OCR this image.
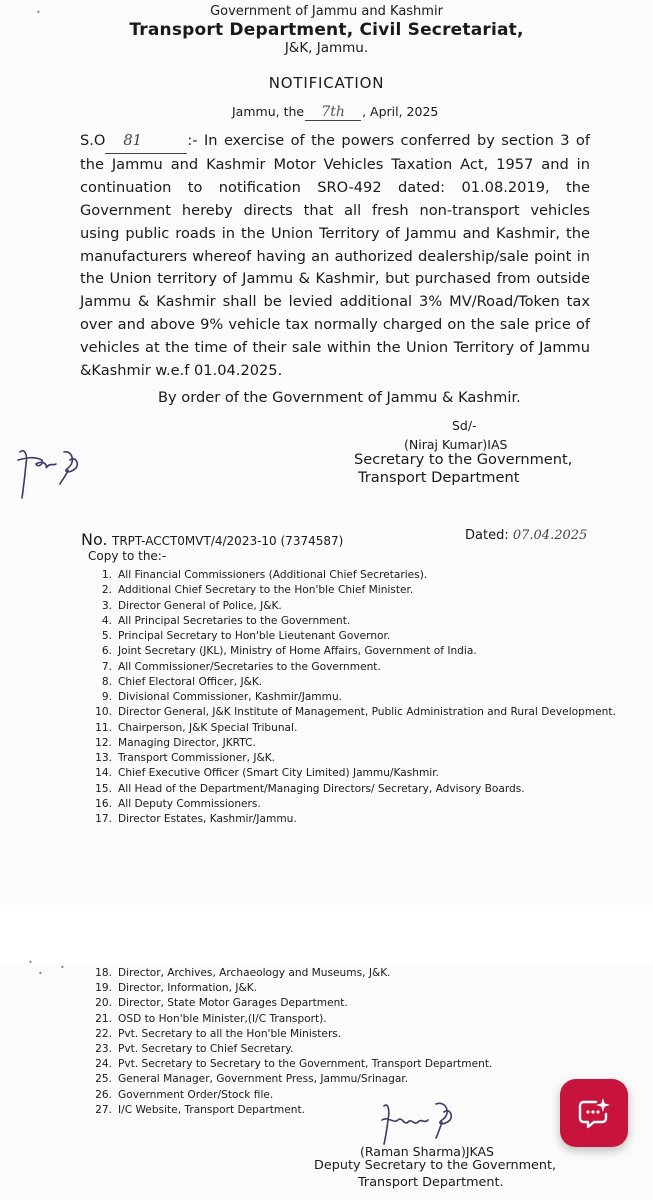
•	Government of Jammu and Kashmir
Transport Department, Civil Secretariat,
J&K, Jammu.
NOTIFICATION
Jammu, the 7th , April, 2025
S.O 81	:- In exercise of the powers conferred by section 3 of the Jammu and Kashmir Motor Vehicles Taxation Act, 1957 and in continuation to notification SRO-492 dated: 01.08.2019, the Government hereby directs that all fresh non-transport vehicles using public roads in the Union Territory of Jammu and Kashmir, the manufacturers whereof having an authorized dealership/sale point in the Union territory of Jammu & Kashmir, but purchased from outside Jammu & Kashmir shall be levied additional 3% MV/Road/Token tax over and above 9% vehicle tax normally charged on the sale price of vehicles at the time of their sale within the Union Territory of Jammu &Kashmir w.e.f 01.04.2025.
By order of the Government of Jammu & Kashmir.
Sd/-
(Niraj Kumar)IAS
Secretary to the Government,
Transport Department
No. TRPT-ACCT0MVT/4/2023-10 (7374587)	Dated: 07.04.2025
Copy to the:-
1. All Financial Commissioners (Additional Chief Secretaries).
2. Additional Chief Secretary to the Hon'ble Chief Minister.
3. Director General of Police, J&K.
4. All Principal Secretaries to the Government.
5. Principal Secretary to Hon'ble Lieutenant Governor.
6. Joint Secretary (JKL), Ministry of Home Affairs, Government of India.
7. All Commissioner/Secretaries to the Government.
8. Chief Electoral Officer, J&K.
9. Divisional Commissioner, Kashmir/Jammu.
10. Director General, J&K Institute of Management, Public Administration and Rural Development.
11. Chairperson, J&K Special Tribunal.
12. Managing Director, JKRTC.
13. Transport Commissioner, J&K.
14. Chief Executive Officer (Smart City Limited) Jammu/Kashmir.
15. All Head of the Department/Managing Directors/ Secretary, Advisory Boards.
16. All Deputy Commissioners.
17. Director Estates, Kashmir/Jammu.
•
•
•	18. Director, Archives, Archaeology and Museums, J&K.
19. Director, Information, J&K.
20. Director, State Motor Garages Department.
21. OSD to Hon'ble Minister,(I/C Transport).
22. Pvt. Secretary to all the Hon'ble Ministers.
23. Pvt. Secretary to Chief Secretary.
24. Pvt. Secretary to Secretary to the Government, Transport Department.
25. General Manager, Government Press, Jammu/Srinagar.
26. Government Order/Stock file.
27. I/C Website, Transport Department.
(Raman Sharma)JKAS
Deputy Secretary to the Government,
Transport Department.
